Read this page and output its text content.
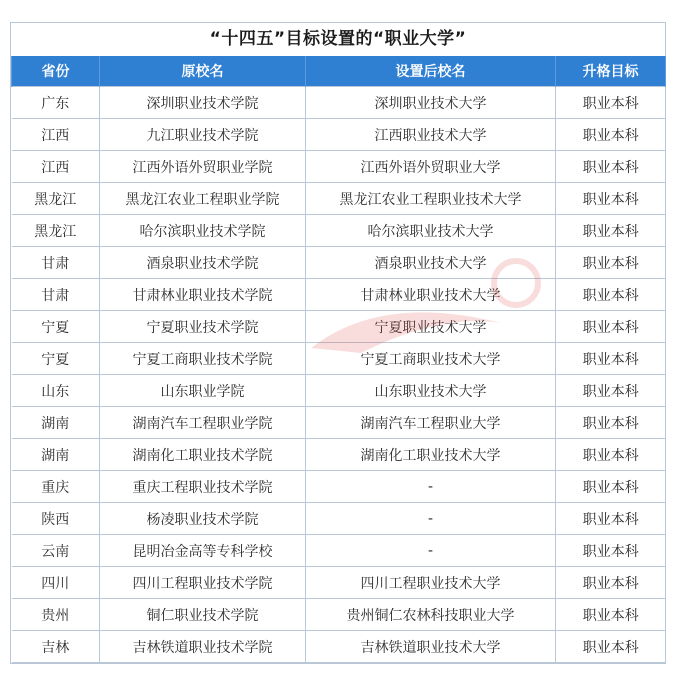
“十四五”目标设置的“职业大学”
省份	原校名	设置后校名	升格目标
广东	深圳职业技术学院	深圳职业技术大学	职业本科
江西	九江职业技术学院	江西职业技术大学	职业本科
江西	江西外语外贸职业学院	江西外语外贸职业大学	职业本科
黑龙江	黑龙江农业工程职业学院	黑龙江农业工程职业技术大学	职业本科
黑龙江	哈尔滨职业技术学院	哈尔滨职业技术大学	职业本科
甘肃	酒泉职业技术学院	酒泉职业技术大学	职业本科
甘肃	甘肃林业职业技术学院	甘肃林业职业技术大学	职业本科
宁夏	宁夏职业技术学院	宁夏职业技术大学	职业本科
宁夏	宁夏工商职业技术学院	宁夏工商职业技术大学	职业本科
山东	山东职业学院	山东职业技术大学	职业本科
湖南	湖南汽车工程职业学院	湖南汽车工程职业大学	职业本科
湖南	湖南化工职业技术学院	湖南化工职业技术大学	职业本科
重庆	重庆工程职业技术学院	-	职业本科
陕西	杨凌职业技术学院	-	职业本科
云南	昆明冶金高等专科学校	-	职业本科
四川	四川工程职业技术学院	四川工程职业技术大学	职业本科
贵州	铜仁职业技术学院	贵州铜仁农林科技职业大学	职业本科
吉林	吉林铁道职业技术学院	吉林铁道职业技术大学	职业本科
